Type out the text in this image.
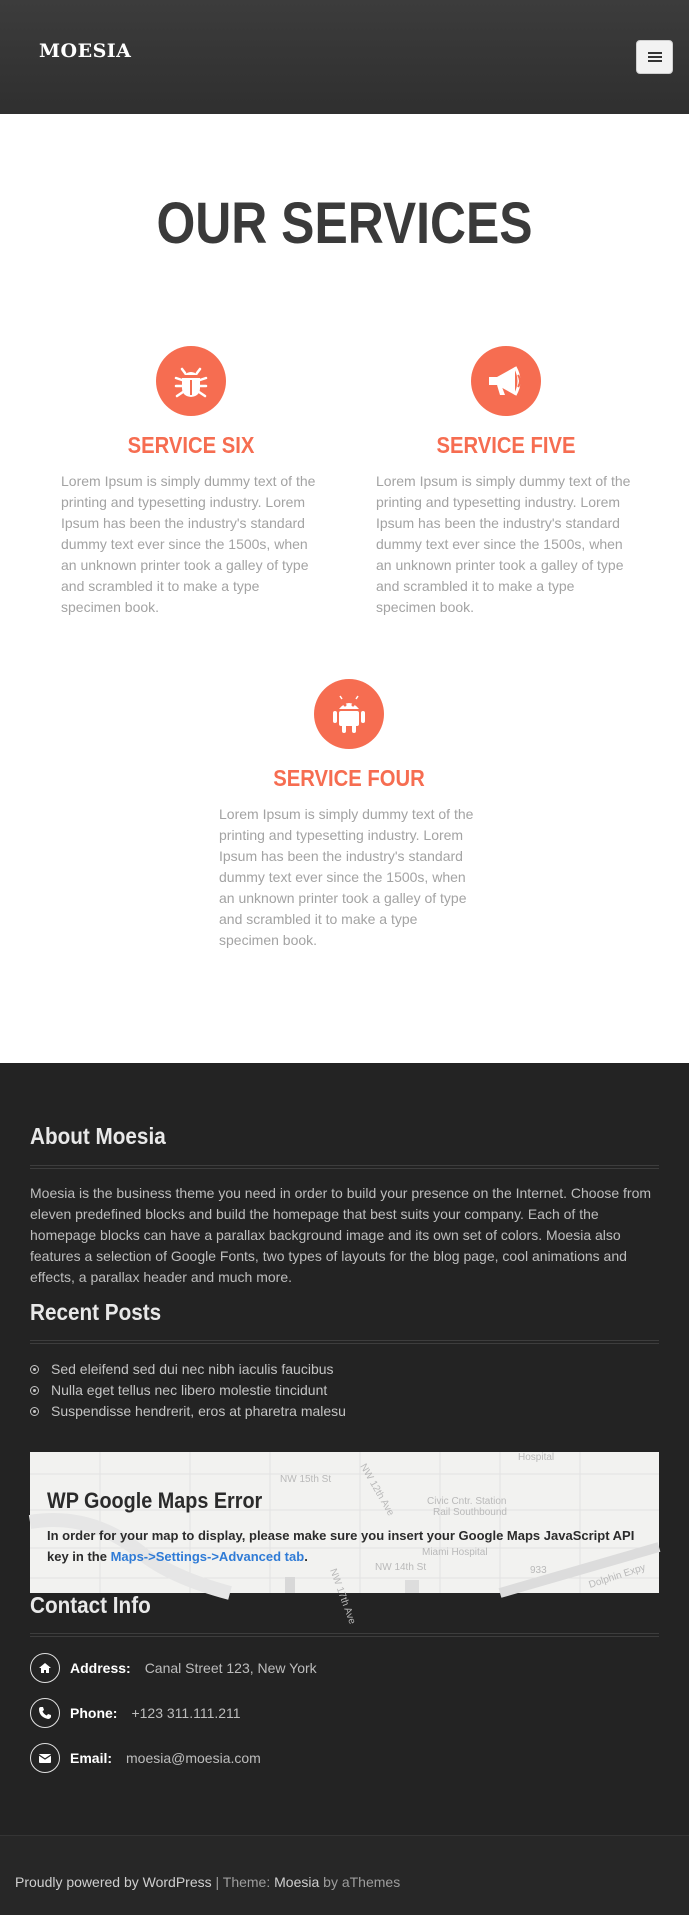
MOESIA
OUR SERVICES
SERVICE SIX
Lorem Ipsum is simply dummy text of the printing and typesetting industry. Lorem Ipsum has been the industry's standard dummy text ever since the 1500s, when an unknown printer took a galley of type and scrambled it to make a type specimen book.
SERVICE FIVE
Lorem Ipsum is simply dummy text of the printing and typesetting industry. Lorem Ipsum has been the industry's standard dummy text ever since the 1500s, when an unknown printer took a galley of type and scrambled it to make a type specimen book.
SERVICE FOUR
Lorem Ipsum is simply dummy text of the printing and typesetting industry. Lorem Ipsum has been the industry's standard dummy text ever since the 1500s, when an unknown printer took a galley of type and scrambled it to make a type specimen book.
About Moesia
Moesia is the business theme you need in order to build your presence on the Internet. Choose from eleven predefined blocks and build the homepage that best suits your company. Each of the homepage blocks can have a parallax background image and its own set of colors. Moesia also features a selection of Google Fonts, two types of layouts for the blog page, cool animations and effects, a parallax header and much more.
Recent Posts
Sed eleifend sed dui nec nibh iaculis faucibus
Nulla eget tellus nec libero molestie tincidunt
Suspendisse hendrerit, eros at pharetra malesu
Hospital
Civic Cntr. Station
Rail Southbound
Miami Hospital
NW 14th St
NW 15th St
NW 17th Ave
NW 12th Ave
Dolphin Expy
933
WP Google Maps Error
In order for your map to display, please make sure you insert your Google Maps JavaScript API key in the Maps->Settings->Advanced tab.
Contact Info
Address: Canal Street 123, New York
Phone: +123 311.111.211
Email: moesia@moesia.com
Proudly powered by WordPress | Theme: Moesia by aThemes
